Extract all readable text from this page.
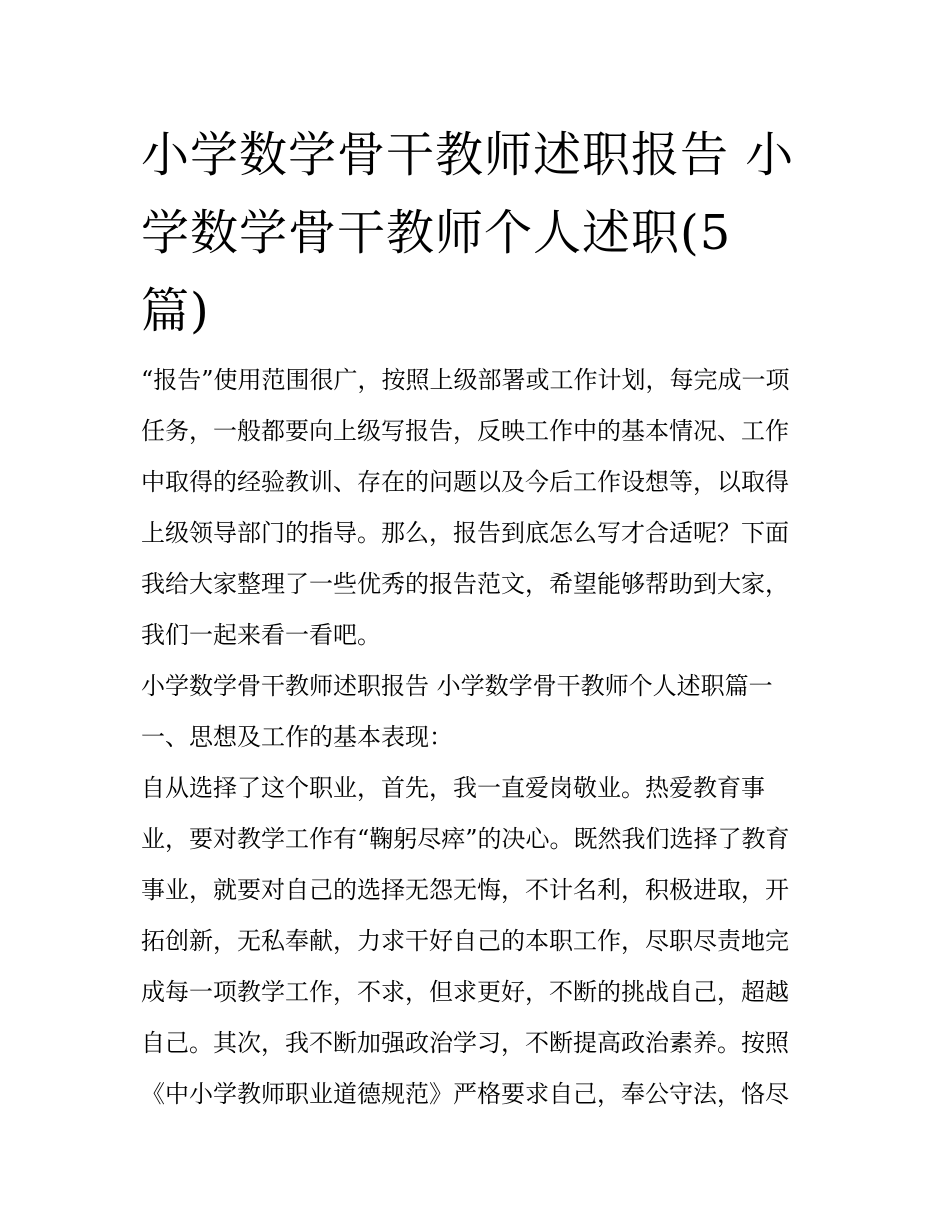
小学数学骨干教师述职报告 小
学数学骨干教师个人述职(5
篇)
“报告”使用范围很广，按照上级部署或工作计划，每完成一项
任务，一般都要向上级写报告，反映工作中的基本情况、工作
中取得的经验教训、存在的问题以及今后工作设想等，以取得
上级领导部门的指导。那么，报告到底怎么写才合适呢？下面
我给大家整理了一些优秀的报告范文，希望能够帮助到大家，
我们一起来看一看吧。
小学数学骨干教师述职报告 小学数学骨干教师个人述职篇一
一、思想及工作的基本表现：
自从选择了这个职业，首先，我一直爱岗敬业。热爱教育事
业，要对教学工作有“鞠躬尽瘁”的决心。既然我们选择了教育
事业，就要对自己的选择无怨无悔，不计名利，积极进取，开
拓创新，无私奉献，力求干好自己的本职工作，尽职尽责地完
成每一项教学工作，不求，但求更好，不断的挑战自己，超越
自己。其次，我不断加强政治学习，不断提高政治素养。按照
《中小学教师职业道德规范》严格要求自己，奉公守法，恪尽
